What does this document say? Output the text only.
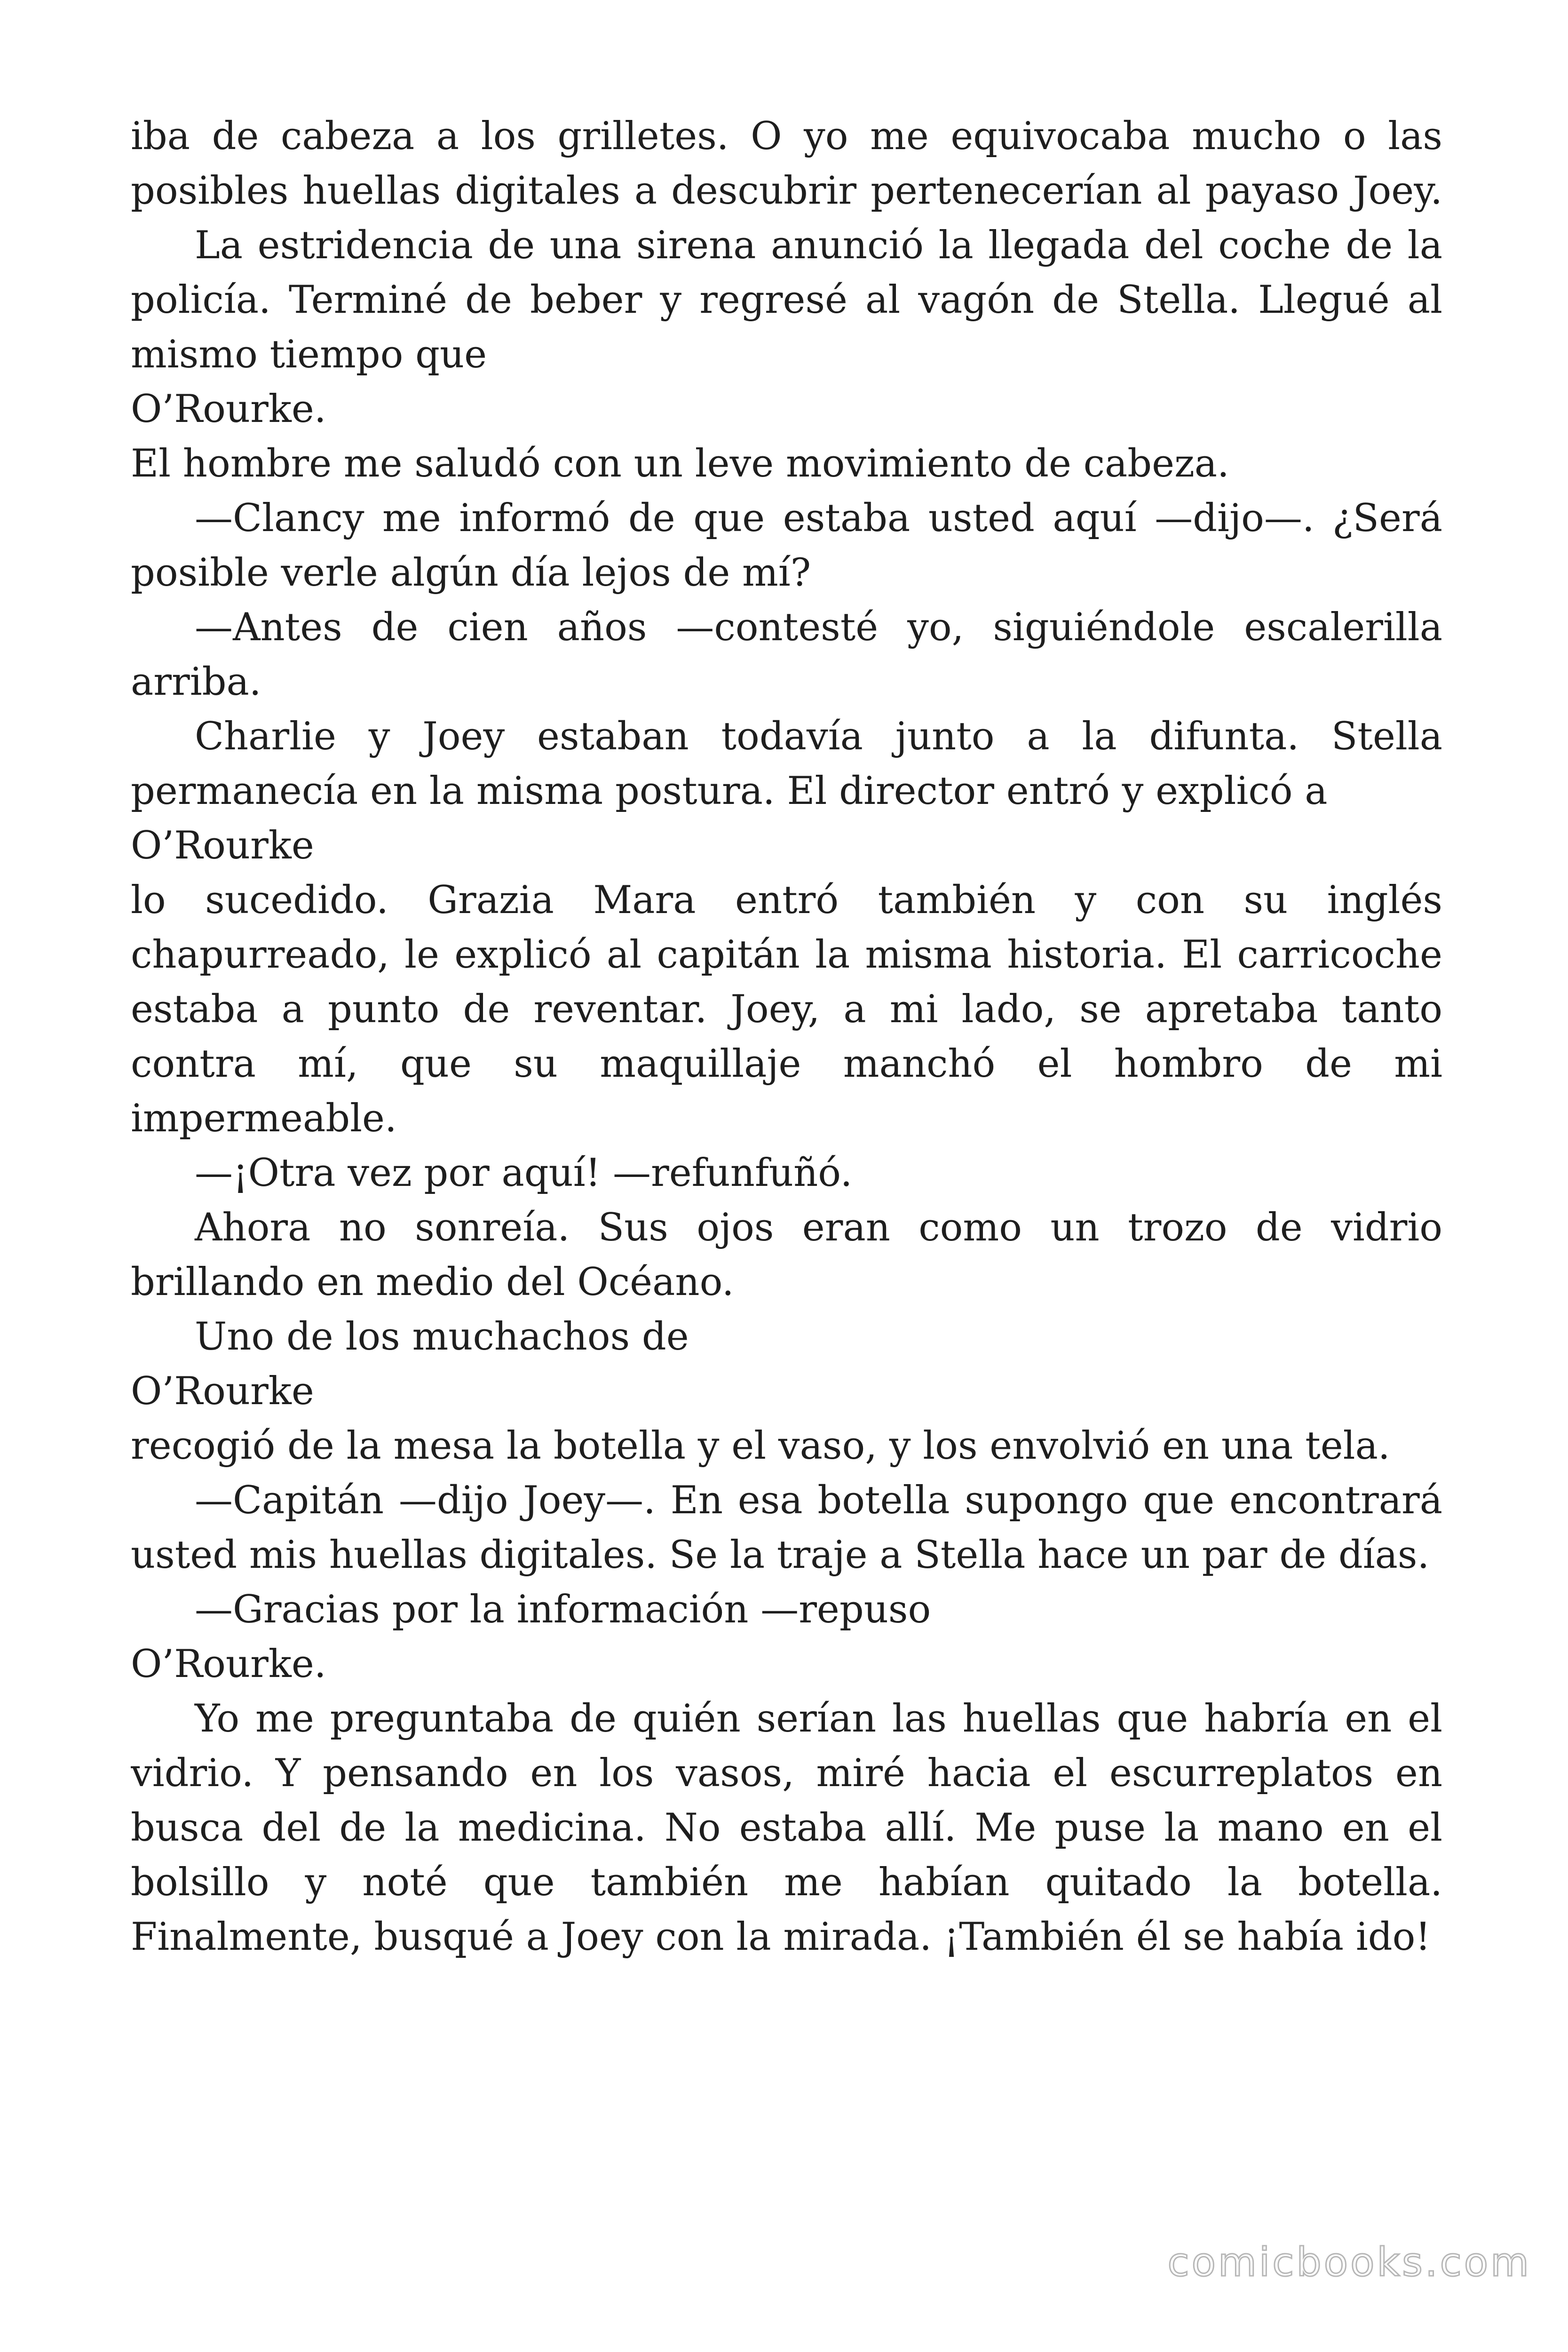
iba de cabeza a los grilletes. O yo me equivocaba mucho o las
posibles huellas digitales a descubrir pertenecerían al payaso Joey.
La estridencia de una sirena anunció la llegada del coche de la
policía. Terminé de beber y regresé al vagón de Stella. Llegué al
mismo tiempo que
O’Rourke.
El hombre me saludó con un leve movimiento de cabeza.
—Clancy me informó de que estaba usted aquí —dijo—. ¿Será
posible verle algún día lejos de mí?
—Antes de cien años —contesté yo, siguiéndole escalerilla
arriba.
Charlie y Joey estaban todavía junto a la difunta. Stella
permanecía en la misma postura. El director entró y explicó a
O’Rourke
lo sucedido. Grazia Mara entró también y con su inglés
chapurreado, le explicó al capitán la misma historia. El carricoche
estaba a punto de reventar. Joey, a mi lado, se apretaba tanto
contra mí, que su maquillaje manchó el hombro de mi
impermeable.
—¡Otra vez por aquí! —refunfuñó.
Ahora no sonreía. Sus ojos eran como un trozo de vidrio
brillando en medio del Océano.
Uno de los muchachos de
O’Rourke
recogió de la mesa la botella y el vaso, y los envolvió en una tela.
—Capitán —dijo Joey—. En esa botella supongo que encontrará
usted mis huellas digitales. Se la traje a Stella hace un par de días.
—Gracias por la información —repuso
O’Rourke.
Yo me preguntaba de quién serían las huellas que habría en el
vidrio. Y pensando en los vasos, miré hacia el escurreplatos en
busca del de la medicina. No estaba allí. Me puse la mano en el
bolsillo y noté que también me habían quitado la botella.
Finalmente, busqué a Joey con la mirada. ¡También él se había ido!
comicbooks.com
